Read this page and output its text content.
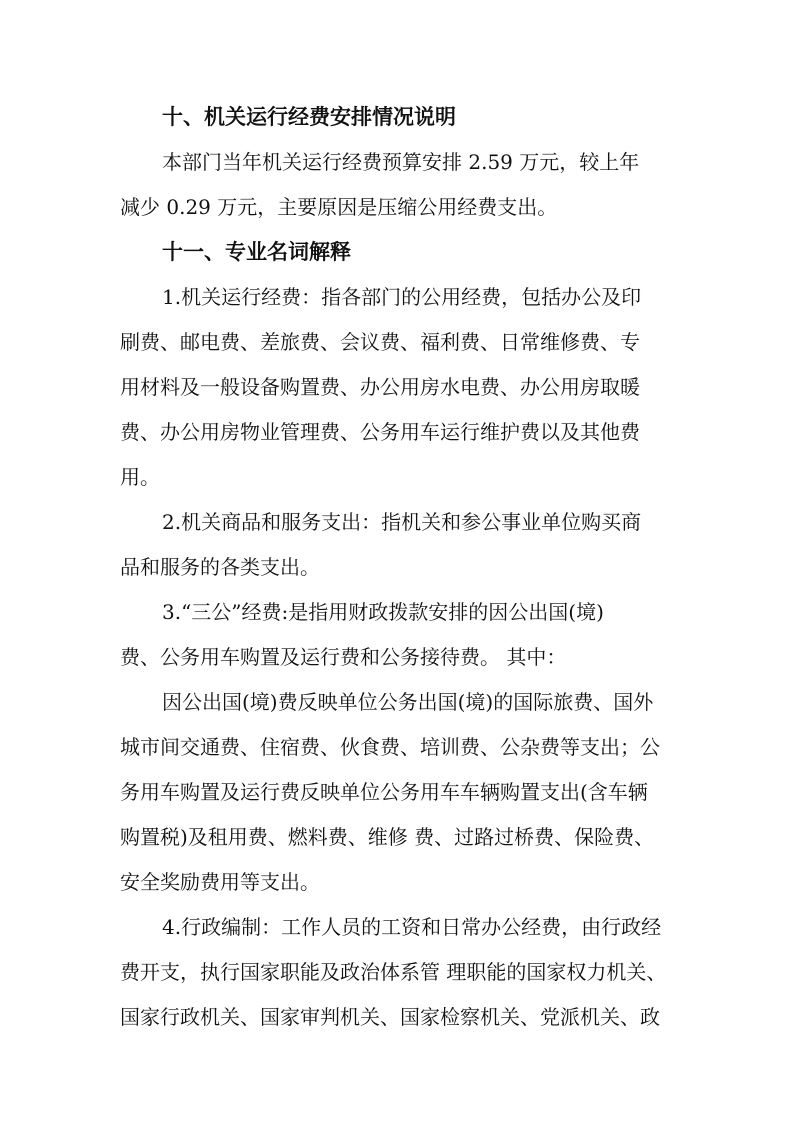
十、机关运行经费安排情况说明
本部门当年机关运行经费预算安排 2.59 万元，较上年
减少 0.29 万元，主要原因是压缩公用经费支出。
十一、专业名词解释
1.机关运行经费：指各部门的公用经费，包括办公及印
刷费、邮电费、差旅费、会议费、福利费、日常维修费、专
用材料及一般设备购置费、办公用房水电费、办公用房取暖
费、办公用房物业管理费、公务用车运行维护费以及其他费
用。
2.机关商品和服务支出：指机关和参公事业单位购买商
品和服务的各类支出。
3.“三公”经费:是指用财政拨款安排的因公出国(境)
费、公务用车购置及运行费和公务接待费。 其中：
因公出国(境)费反映单位公务出国(境)的国际旅费、国外
城市间交通费、住宿费、伙食费、培训费、公杂费等支出；公
务用车购置及运行费反映单位公务用车车辆购置支出(含车辆
购置税)及租用费、燃料费、维修 费、过路过桥费、保险费、
安全奖励费用等支出。
4.行政编制：工作人员的工资和日常办公经费，由行政经
费开支，执行国家职能及政治体系管 理职能的国家权力机关、
国家行政机关、国家审判机关、国家检察机关、党派机关、政
